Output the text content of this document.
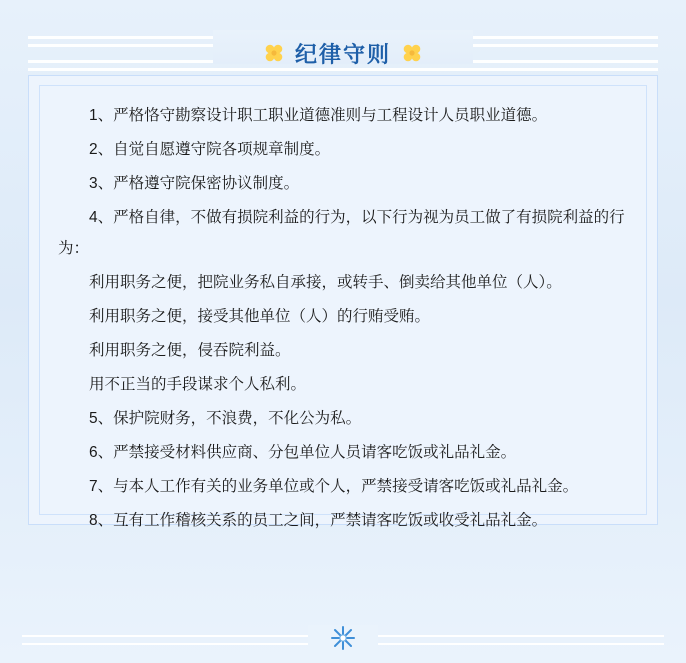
纪律守则

1、严格恪守勘察设计职工职业道德准则与工程设计人员职业道德。

2、自觉自愿遵守院各项规章制度。

3、严格遵守院保密协议制度。

4、严格自律，不做有损院利益的行为，以下行为视为员工做了有损院利益的行为：

利用职务之便，把院业务私自承接，或转手、倒卖给其他单位（人）。

利用职务之便，接受其他单位（人）的行贿受贿。

利用职务之便，侵吞院利益。

用不正当的手段谋求个人私利。

5、保护院财务，不浪费，不化公为私。

6、严禁接受材料供应商、分包单位人员请客吃饭或礼品礼金。

7、与本人工作有关的业务单位或个人，严禁接受请客吃饭或礼品礼金。

8、互有工作稽核关系的员工之间，严禁请客吃饭或收受礼品礼金。
